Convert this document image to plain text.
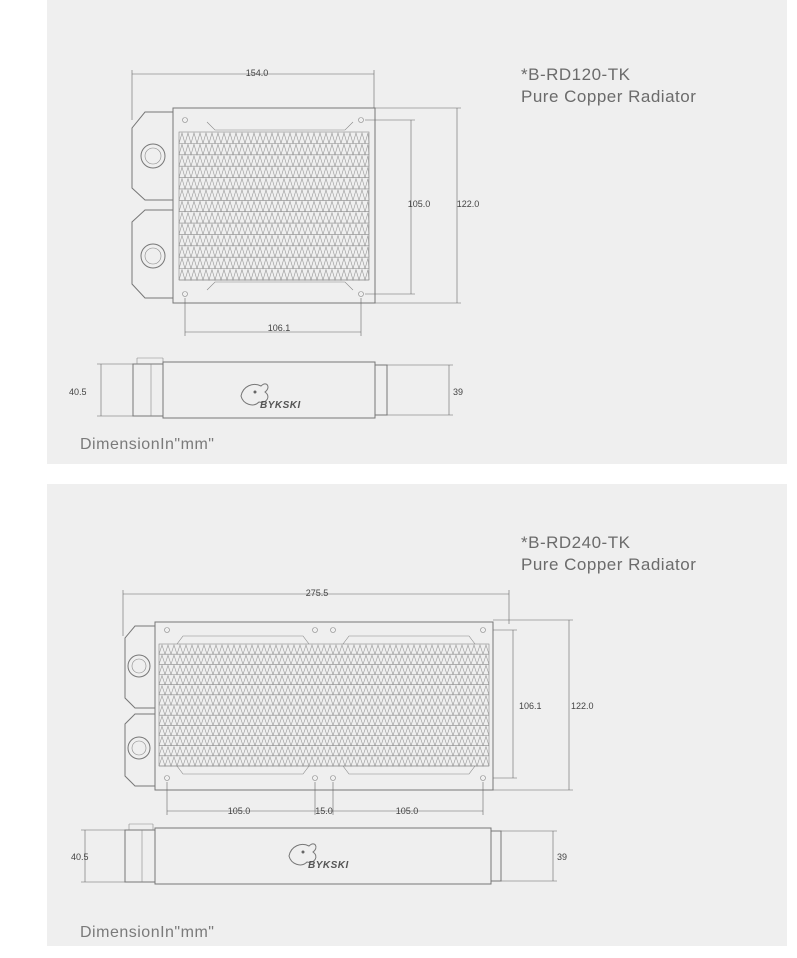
*B-RD120-TK
Pure Copper Radiator
DimensionIn"mm"
154.0
106.1
105.0	122.0
40.5	39
BYKSKI
*B-RD240-TK
Pure Copper Radiator
DimensionIn"mm"
275.5
105.0	15.0	105.0
106.1	122.0
40.5	39
BYKSKI
